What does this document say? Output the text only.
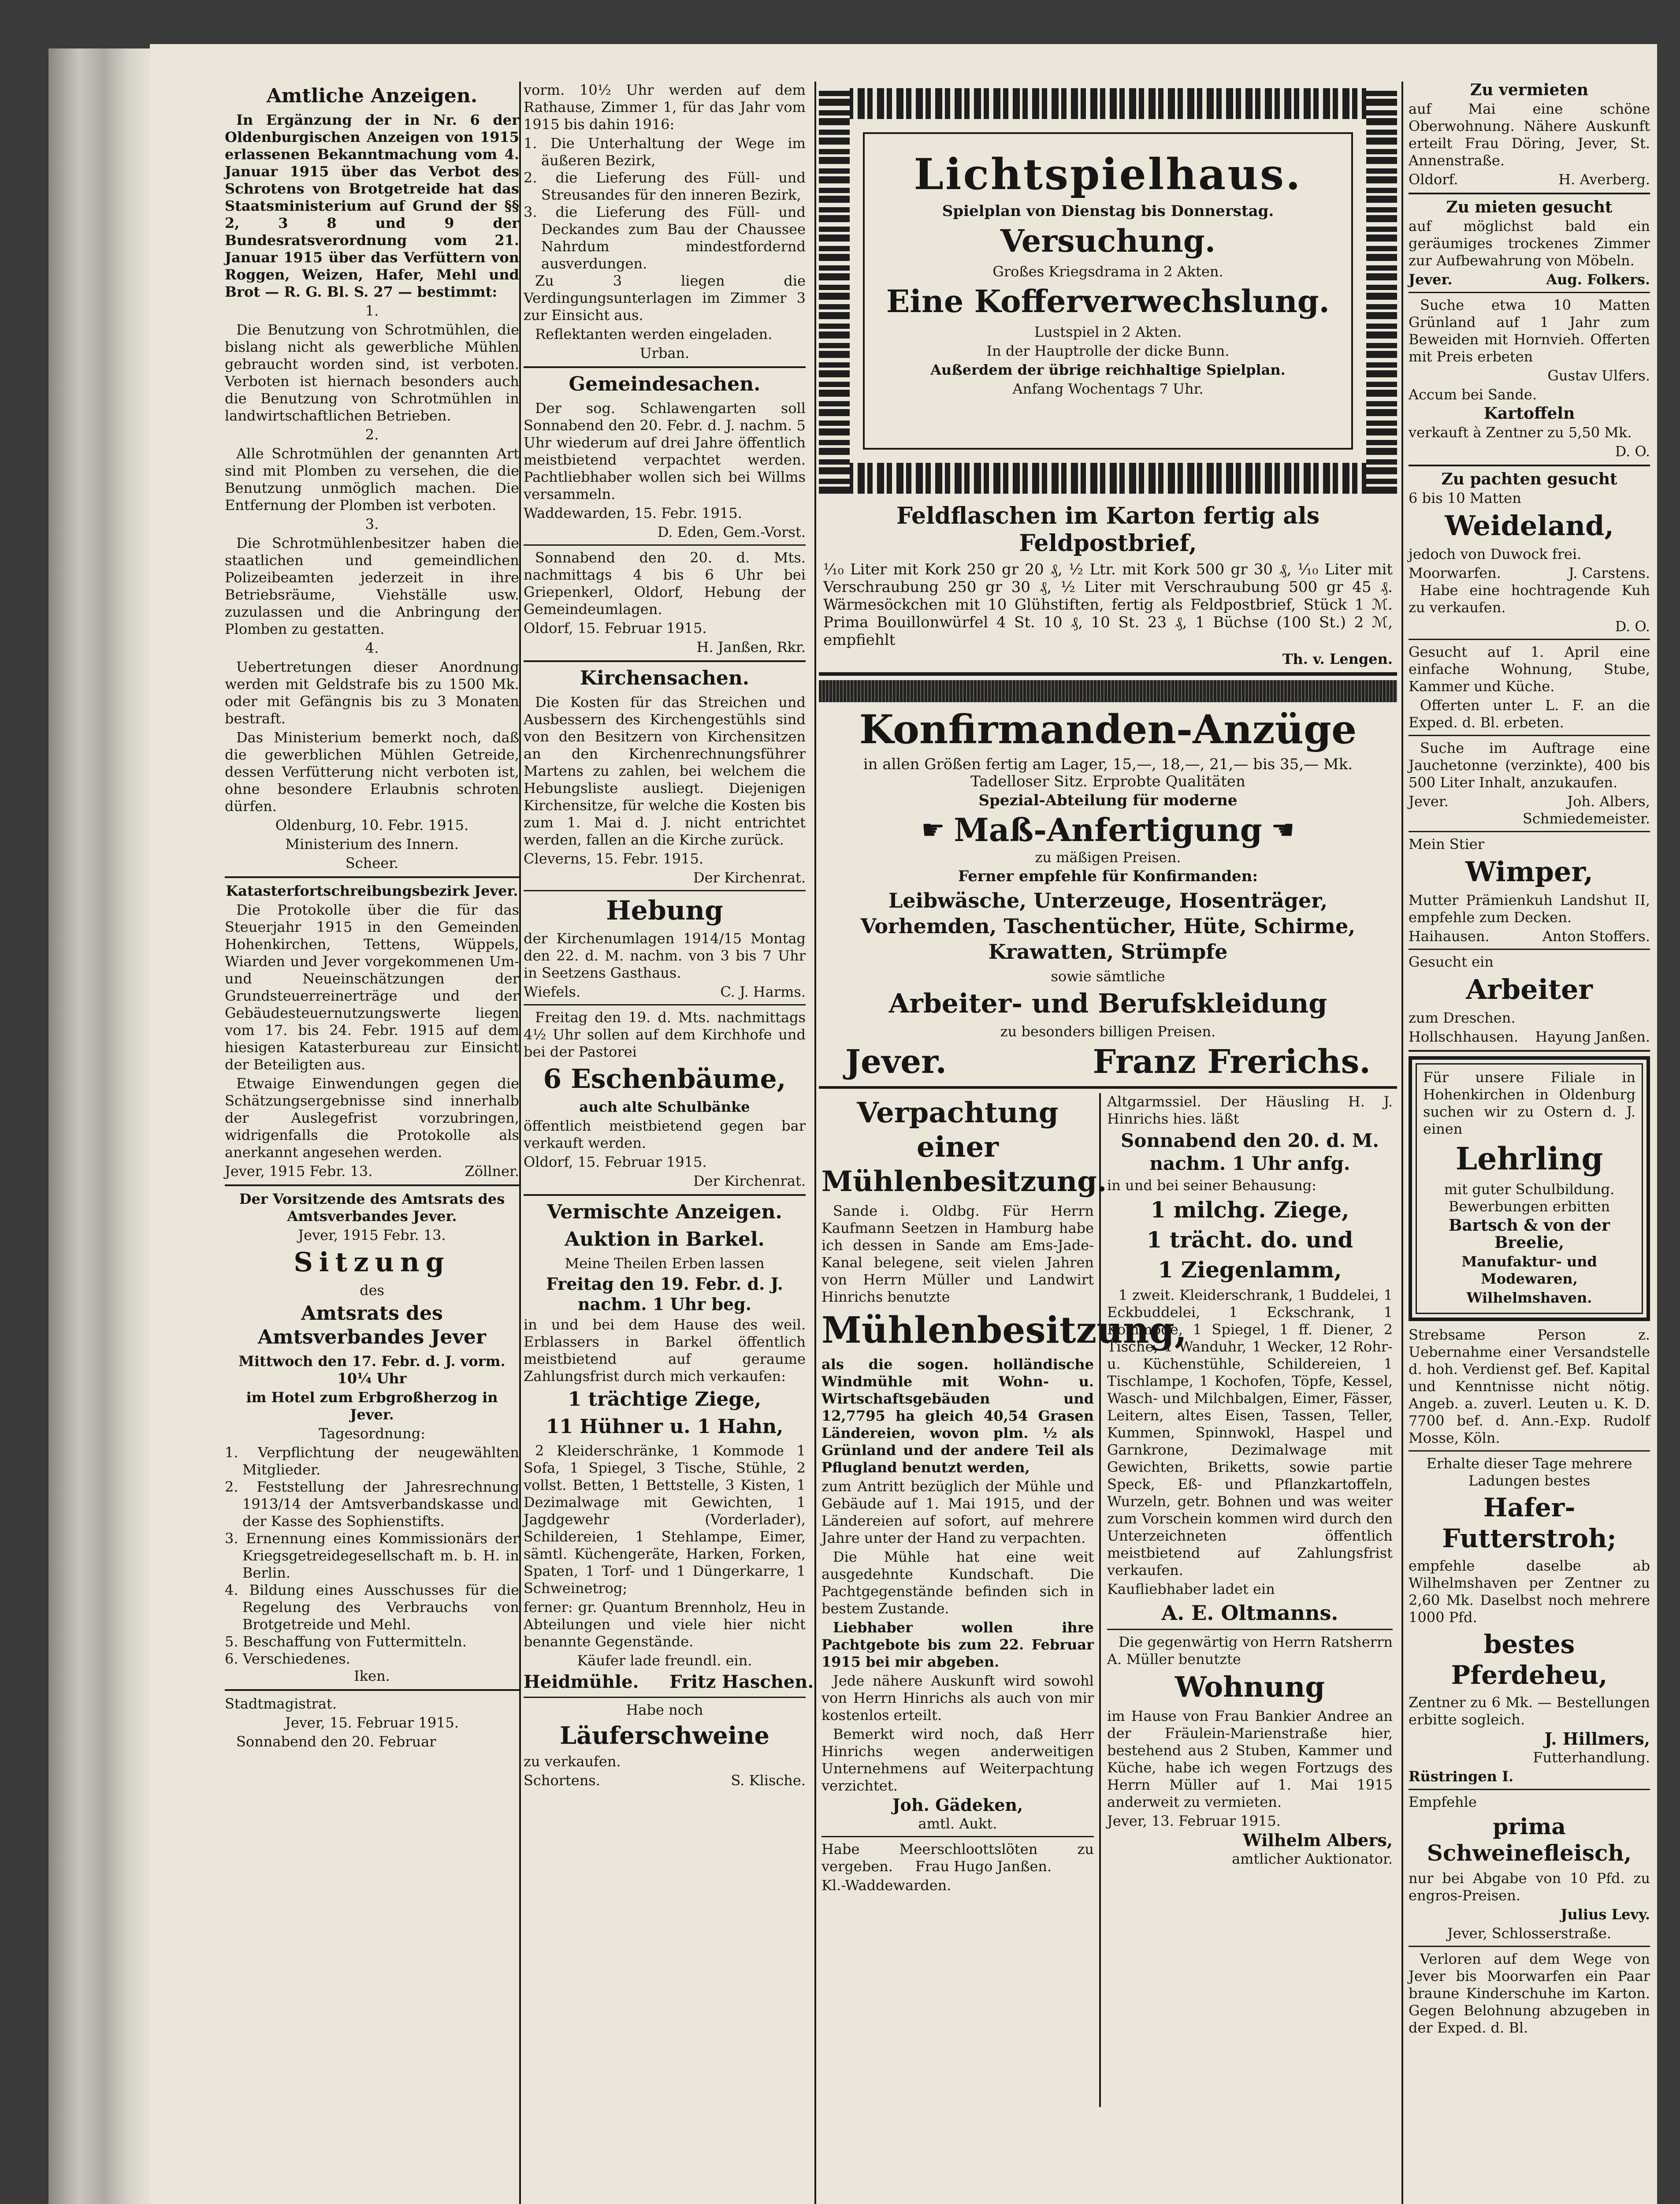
Amtliche Anzeigen.

In Ergänzung der in Nr. 6 der Oldenburgischen Anzeigen von 1915 erlassenen Bekanntmachung vom 4. Januar 1915 über das Verbot des Schrotens von Brotgetreide hat das Staatsministerium auf Grund der §§ 2, 3 8 und 9 der Bundesratsverordnung vom 21. Januar 1915 über das Verfüttern von Roggen, Weizen, Hafer, Mehl und Brot — R. G. Bl. S. 27 — bestimmt:

1.

Die Benutzung von Schrotmühlen, die bislang nicht als gewerbliche Mühlen gebraucht worden sind, ist verboten. Verboten ist hiernach besonders auch die Benutzung von Schrotmühlen in landwirtschaftlichen Betrieben.

2.

Alle Schrotmühlen der genannten Art sind mit Plomben zu versehen, die die Benutzung unmöglich machen. Die Entfernung der Plomben ist verboten.

3.

Die Schrotmühlenbesitzer haben die staatlichen und gemeindlichen Polizeibeamten jederzeit in ihre Betriebsräume, Viehställe usw. zuzulassen und die Anbringung der Plomben zu gestatten.

4.

Uebertretungen dieser Anordnung werden mit Geldstrafe bis zu 1500 Mk. oder mit Gefängnis bis zu 3 Monaten bestraft.

Das Ministerium bemerkt noch, daß die gewerblichen Mühlen Getreide, dessen Verfütterung nicht verboten ist, ohne besondere Erlaubnis schroten dürfen.

Oldenburg, 10. Febr. 1915.

Ministerium des Innern.

Scheer.

Katasterfortschreibungsbezirk Jever.

Die Protokolle über die für das Steuerjahr 1915 in den Gemeinden Hohenkirchen, Tettens, Wüppels, Wiarden und Jever vorgekommenen Um- und Neueinschätzungen der Grundsteuerreinerträge und der Gebäudesteuernutzungswerte liegen vom 17. bis 24. Febr. 1915 auf dem hiesigen Katasterbureau zur Einsicht der Beteiligten aus.

Etwaige Einwendungen gegen die Schätzungsergebnisse sind innerhalb der Auslegefrist vorzubringen, widrigenfalls die Protokolle als anerkannt angesehen werden.

Jever, 1915 Febr. 13.	Zöllner.

Der Vorsitzende des Amtsrats des Amtsverbandes Jever.

Jever, 1915 Febr. 13.

Sitzung

des

Amtsrats des Amtsverbandes Jever

Mittwoch den 17. Febr. d. J. vorm. 10¼ Uhr

im Hotel zum Erbgroßherzog in Jever.

Tagesordnung:

1. Verpflichtung der neugewählten Mitglieder.
2. Feststellung der Jahresrechnung 1913/14 der Amtsverbandskasse und der Kasse des Sophienstifts.
3. Ernennung eines Kommissionärs der Kriegsgetreidegesellschaft m. b. H. in Berlin.
4. Bildung eines Ausschusses für die Regelung des Verbrauchs von Brotgetreide und Mehl.
5. Beschaffung von Futtermitteln.
6. Verschiedenes.

Iken.

Stadtmagistrat.

Jever, 15. Februar 1915.

Sonnabend den 20. Februar

vorm. 10½ Uhr werden auf dem Rathause, Zimmer 1, für das Jahr vom 1915 bis dahin 1916:

1. Die Unterhaltung der Wege im äußeren Bezirk,
2. die Lieferung des Füll- und Streusandes für den inneren Bezirk,
3. die Lieferung des Füll- und Deckandes zum Bau der Chaussee Nahrdum mindestfordernd ausverdungen.

Zu 3 liegen die Verdingungsunterlagen im Zimmer 3 zur Einsicht aus.

Reflektanten werden eingeladen.

Urban.

Gemeindesachen.

Der sog. Schlawengarten soll Sonnabend den 20. Febr. d. J. nachm. 5 Uhr wiederum auf drei Jahre öffentlich meistbietend verpachtet werden. Pachtliebhaber wollen sich bei Willms versammeln.

Waddewarden, 15. Febr. 1915.

D. Eden, Gem.-Vorst.

Sonnabend den 20. d. Mts. nachmittags 4 bis 6 Uhr bei Griepenkerl, Oldorf, Hebung der Gemeindeumlagen.

Oldorf, 15. Februar 1915.

H. Janßen, Rkr.

Kirchensachen.

Die Kosten für das Streichen und Ausbessern des Kirchengestühls sind von den Besitzern von Kirchensitzen an den Kirchenrechnungsführer Martens zu zahlen, bei welchem die Hebungsliste ausliegt. Diejenigen Kirchensitze, für welche die Kosten bis zum 1. Mai d. J. nicht entrichtet werden, fallen an die Kirche zurück.

Cleverns, 15. Febr. 1915.

Der Kirchenrat.

Hebung

der Kirchenumlagen 1914/15 Montag den 22. d. M. nachm. von 3 bis 7 Uhr in Seetzens Gasthaus.

Wiefels.	C. J. Harms.

Freitag den 19. d. Mts. nachmittags 4½ Uhr sollen auf dem Kirchhofe und bei der Pastorei

6 Eschenbäume,

auch alte Schulbänke

öffentlich meistbietend gegen bar verkauft werden.

Oldorf, 15. Februar 1915.

Der Kirchenrat.

Vermischte Anzeigen.

Auktion in Barkel.

Meine Theilen Erben lassen

Freitag den 19. Febr. d. J. nachm. 1 Uhr beg.

in und bei dem Hause des weil. Erblassers in Barkel öffentlich meistbietend auf geraume Zahlungsfrist durch mich verkaufen:

1 trächtige Ziege,

11 Hühner u. 1 Hahn,

2 Kleiderschränke, 1 Kommode 1 Sofa, 1 Spiegel, 3 Tische, Stühle, 2 vollst. Betten, 1 Bettstelle, 3 Kisten, 1 Dezimalwage mit Gewichten, 1 Jagdgewehr (Vorderlader), Schildereien, 1 Stehlampe, Eimer, sämtl. Küchengeräte, Harken, Forken, Spaten, 1 Torf- und 1 Düngerkarre, 1 Schweinetrog;

ferner: gr. Quantum Brennholz, Heu in Abteilungen und viele hier nicht benannte Gegenstände.

Käufer lade freundl. ein.

Heidmühle.     Fritz Haschen.

Habe noch

Läuferschweine

zu verkaufen.

Schortens.	S. Klische.

Lichtspielhaus.

Spielplan von Dienstag bis Donnerstag.

Versuchung.

Großes Kriegsdrama in 2 Akten.

Eine Kofferverwechslung.

Lustspiel in 2 Akten.

In der Hauptrolle der dicke Bunn.

Außerdem der übrige reichhaltige Spielplan.

Anfang Wochentags 7 Uhr.

Feldflaschen im Karton fertig als Feldpostbrief,

¹⁄₁₀ Liter mit Kork 250 gr 20 ₰, ½ Ltr. mit Kork 500 gr 30 ₰, ¹⁄₁₀ Liter mit Verschraubung 250 gr 30 ₰, ½ Liter mit Verschraubung 500 gr 45 ₰. Wärmesöckchen mit 10 Glühstiften, fertig als Feldpostbrief, Stück 1 ℳ. Prima Bouillonwürfel 4 St. 10 ₰, 10 St. 23 ₰, 1 Büchse (100 St.) 2 ℳ, empfiehlt

Th. v. Lengen.

Konfirmanden-Anzüge

in allen Größen fertig am Lager, 15,—, 18,—, 21,— bis 35,— Mk. Tadelloser Sitz. Erprobte Qualitäten

Spezial-Abteilung für moderne

☛ Maß-Anfertigung ☚

zu mäßigen Preisen.

Ferner empfehle für Konfirmanden:

Leibwäsche, Unterzeuge, Hosenträger, Vorhemden, Taschentücher, Hüte, Schirme, Krawatten, Strümpfe

sowie sämtliche

Arbeiter- und Berufskleidung

zu besonders billigen Preisen.

Jever.	Franz Frerichs.

Verpachtung einer Mühlenbesitzung.

Sande i. Oldbg. Für Herrn Kaufmann Seetzen in Hamburg habe ich dessen in Sande am Ems-Jade-Kanal belegene, seit vielen Jahren von Herrn Müller und Landwirt Hinrichs benutzte

Mühlenbesitzung,

als die sogen. holländische Windmühle mit Wohn- u. Wirtschaftsgebäuden und 12,7795 ha gleich 40,54 Grasen Ländereien, wovon plm. ½ als Grünland und der andere Teil als Pflugland benutzt werden,

zum Antritt bezüglich der Mühle und Gebäude auf 1. Mai 1915, und der Ländereien auf sofort, auf mehrere Jahre unter der Hand zu verpachten.

Die Mühle hat eine weit ausgedehnte Kundschaft. Die Pachtgegenstände befinden sich in bestem Zustande.

Liebhaber wollen ihre Pachtgebote bis zum 22. Februar 1915 bei mir abgeben.

Jede nähere Auskunft wird sowohl von Herrn Hinrichs als auch von mir kostenlos erteilt.

Bemerkt wird noch, daß Herr Hinrichs wegen anderweitigen Unternehmens auf Weiterpachtung verzichtet.

Joh. Gädeken,

amtl. Aukt.

Habe Meerschloottslöten zu vergeben.     Frau Hugo Janßen.

Kl.-Waddewarden.

Altgarmssiel. Der Häusling H. J. Hinrichs hies. läßt

Sonnabend den 20. d. M. nachm. 1 Uhr anfg.

in und bei seiner Behausung:

1 milchg. Ziege,

1 trächt. do. und

1 Ziegenlamm,

1 zweit. Kleiderschrank, 1 Buddelei, 1 Eckbuddelei, 1 Eckschrank, 1 Kommode, 1 Spiegel, 1 ff. Diener, 2 Tische, 1 Wanduhr, 1 Wecker, 12 Rohr- u. Küchenstühle, Schildereien, 1 Tischlampe, 1 Kochofen, Töpfe, Kessel, Wasch- und Milchbalgen, Eimer, Fässer, Leitern, altes Eisen, Tassen, Teller, Kummen, Spinnwokl, Haspel und Garnkrone, Dezimalwage mit Gewichten, Briketts, sowie partie Speck, Eß- und Pflanzkartoffeln, Wurzeln, getr. Bohnen und was weiter zum Vorschein kommen wird durch den Unterzeichneten öffentlich meistbietend auf Zahlungsfrist verkaufen.

Kaufliebhaber ladet ein

A. E. Oltmanns.

Die gegenwärtig von Herrn Ratsherrn A. Müller benutzte

Wohnung

im Hause von Frau Bankier Andree an der Fräulein-Marienstraße hier, bestehend aus 2 Stuben, Kammer und Küche, habe ich wegen Fortzugs des Herrn Müller auf 1. Mai 1915 anderweit zu vermieten.

Jever, 13. Februar 1915.

Wilhelm Albers,

amtlicher Auktionator.

Zu vermieten

auf Mai eine schöne Oberwohnung. Nähere Auskunft erteilt Frau Döring, Jever, St. Annenstraße.

Oldorf.	H. Averberg.

Zu mieten gesucht

auf möglichst bald ein geräumiges trockenes Zimmer zur Aufbewahrung von Möbeln.

Jever.	Aug. Folkers.

Suche etwa 10 Matten Grünland auf 1 Jahr zum Beweiden mit Hornvieh. Offerten mit Preis erbeten

Gustav Ulfers.

Accum bei Sande.

Kartoffeln

verkauft à Zentner zu 5,50 Mk.

D. O.

Zu pachten gesucht

6 bis 10 Matten

Weideland,

jedoch von Duwock frei.

Moorwarfen.	J. Carstens.

Habe eine hochtragende Kuh zu verkaufen.

D. O.

Gesucht auf 1. April eine einfache Wohnung, Stube, Kammer und Küche.

Offerten unter L. F. an die Exped. d. Bl. erbeten.

Suche im Auftrage eine Jauchetonne (verzinkte), 400 bis 500 Liter Inhalt, anzukaufen.

Jever.	Joh. Albers, Schmiedemeister.

Mein Stier

Wimper,

Mutter Prämienkuh Landshut II, empfehle zum Decken.

Haihausen.	Anton Stoffers.

Gesucht ein

Arbeiter

zum Dreschen.

Hollschhausen. Hayung Janßen.

Für unsere Filiale in Hohenkirchen in Oldenburg suchen wir zu Ostern d. J. einen

Lehrling

mit guter Schulbildung. Bewerbungen erbitten

Bartsch & von der Breelie,

Manufaktur- und Modewaren,

Wilhelmshaven.

Strebsame Person z. Uebernahme einer Versandstelle d. hoh. Verdienst gef. Bef. Kapital und Kenntnisse nicht nötig. Angeb. a. zuverl. Leuten u. K. D. 7700 bef. d. Ann.-Exp. Rudolf Mosse, Köln.

Erhalte dieser Tage mehrere Ladungen bestes

Hafer-Futterstroh;

empfehle daselbe ab Wilhelmshaven per Zentner zu 2,60 Mk. Daselbst noch mehrere 1000 Pfd.

bestes Pferdeheu,

Zentner zu 6 Mk. — Bestellungen erbitte sogleich.

J. Hillmers,

Futterhandlung.

Rüstringen I.

Empfehle

prima Schweinefleisch,

nur bei Abgabe von 10 Pfd. zu engros-Preisen.

Julius Levy.

Jever, Schlosserstraße.

Verloren auf dem Wege von Jever bis Moorwarfen ein Paar braune Kinderschuhe im Karton. Gegen Belohnung abzugeben in der Exped. d. Bl.
